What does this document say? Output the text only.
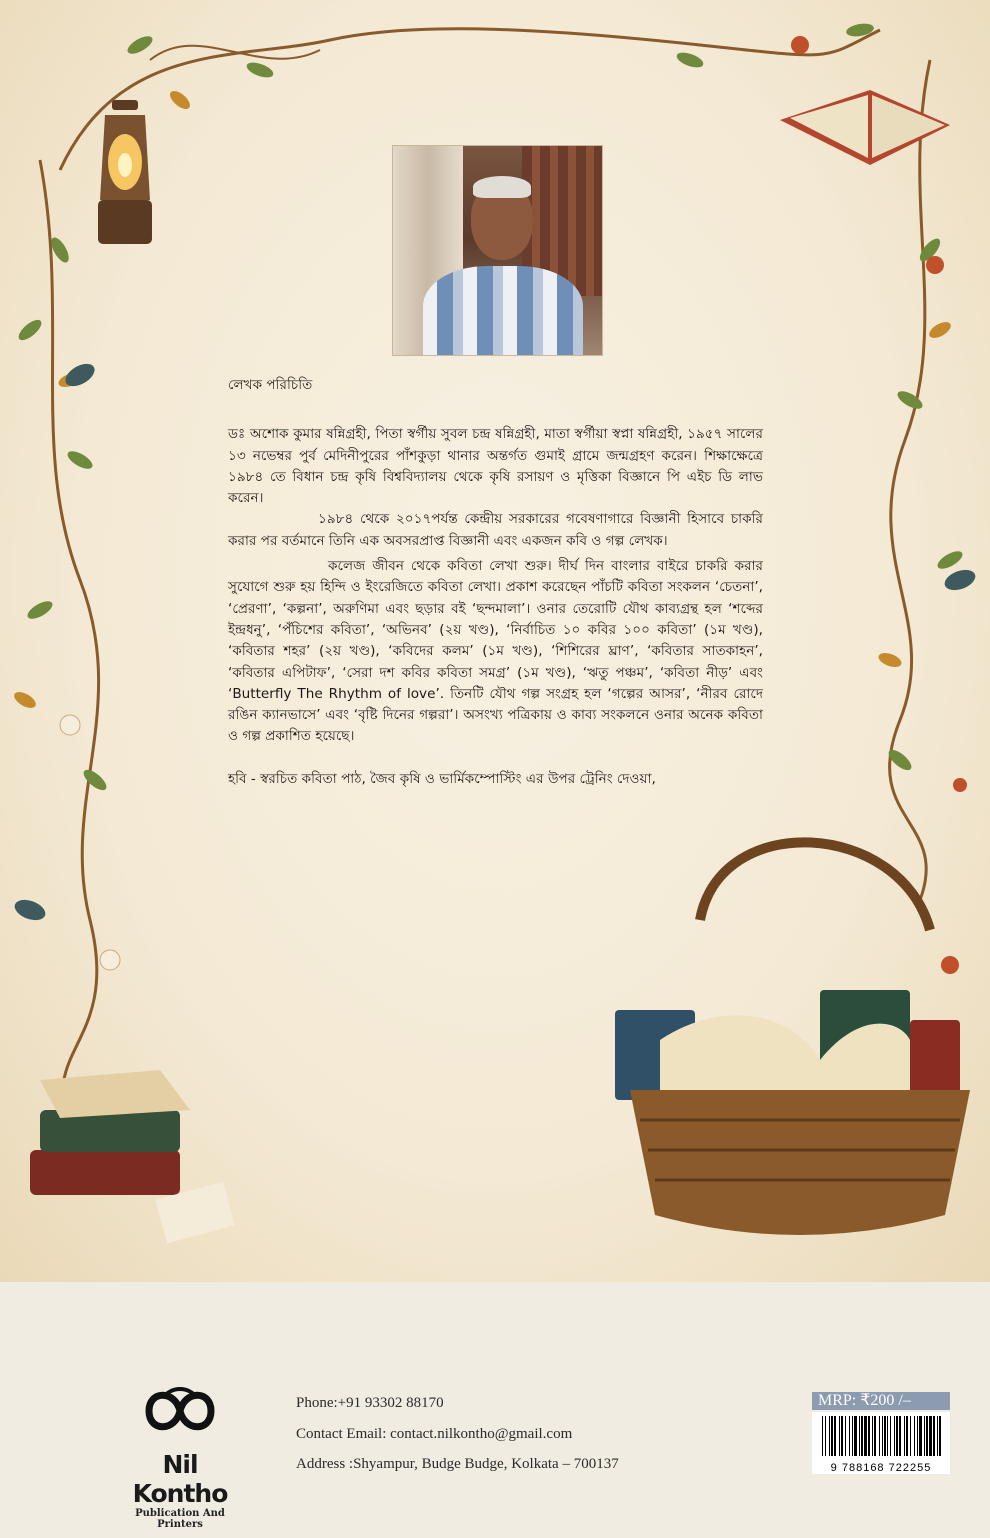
লেখক পরিচিতি

ডঃ অশোক কুমার ষন্নিগ্রহী, পিতা স্বর্গীয় সুবল চন্দ্র ষন্নিগ্রহী, মাতা স্বর্গীয়া স্বপ্না ষন্নিগ্রহী, ১৯৫৭ সালের ১৩ নভেম্বর পুর্ব মেদিনীপুরের পাঁশকুড়া থানার অন্তর্গত গুমাই গ্রামে জন্মগ্রহণ করেন। শিক্ষাক্ষেত্রে ১৯৮৪ তে বিধান চন্দ্র কৃষি বিশ্ববিদ্যালয় থেকে কৃষি রসায়ণ ও মৃত্তিকা বিজ্ঞানে পি এইচ ডি লাভ করেন।

১৯৮৪ থেকে ২০১৭পর্যন্ত কেন্দ্রীয় সরকারের গবেষণাগারে বিজ্ঞানী হিসাবে চাকরি করার পর বর্তমানে তিনি এক অবসরপ্রাপ্ত বিজ্ঞানী এবং একজন কবি ও গল্প লেখক।

কলেজ জীবন থেকে কবিতা লেখা শুরু। দীর্ঘ দিন বাংলার বাইরে চাকরি করার সুযোগে শুরু হয় হিন্দি ও ইংরেজিতে কবিতা লেখা। প্রকাশ করেছেন পাঁচটি কবিতা সংকলন ‘চেতনা’, ‘প্রেরণা’, ‘কল্পনা’, অরুণিমা এবং ছড়ার বই ‘ছন্দমালা’। ওনার তেরোটি যৌথ কাব্যগ্রন্থ হল ‘শব্দের ইন্দ্রধনু’, ‘পঁচিশের কবিতা’, ‘অভিনব’ (২য় খণ্ড), ‘নির্বাচিত ১০ কবির ১০০ কবিতা’ (১ম খণ্ড), ‘কবিতার শহর’ (২য় খণ্ড), ‘কবিদের কলম’ (১ম খণ্ড), ‘শিশিরের ঘ্রাণ’, ‘কবিতার সাতকাহন’, ‘কবিতার এপিটাফ’, ‘সেরা দশ কবির কবিতা সমগ্র’ (১ম খণ্ড), ‘ঋতু পঞ্চম’, ‘কবিতা নীড়’ এবং ‘Butterfly The Rhythm of love’. তিনটি যৌথ গল্প সংগ্রহ হল ‘গল্পের আসর’, ‘নীরব রোদে রঙিন ক্যানভাসে’ এবং ‘বৃষ্টি দিনের গল্পরা’। অসংখ্য পত্রিকায় ও কাব্য সংকলনে ওনার অনেক কবিতা ও গল্প প্রকাশিত হয়েছে।

হবি - স্বরচিত কবিতা পাঠ, জৈব কৃষি ও ভার্মিকম্পোস্টিং এর উপর ট্রেনিং দেওয়া,

Nil Kontho
Publication And Printers
Phone:+91 93302 88170
Contact Email: contact.nilkontho@gmail.com
Address :Shyampur, Budge Budge, Kolkata – 700137
MRP: ₹200 /–
9 788168 722255
